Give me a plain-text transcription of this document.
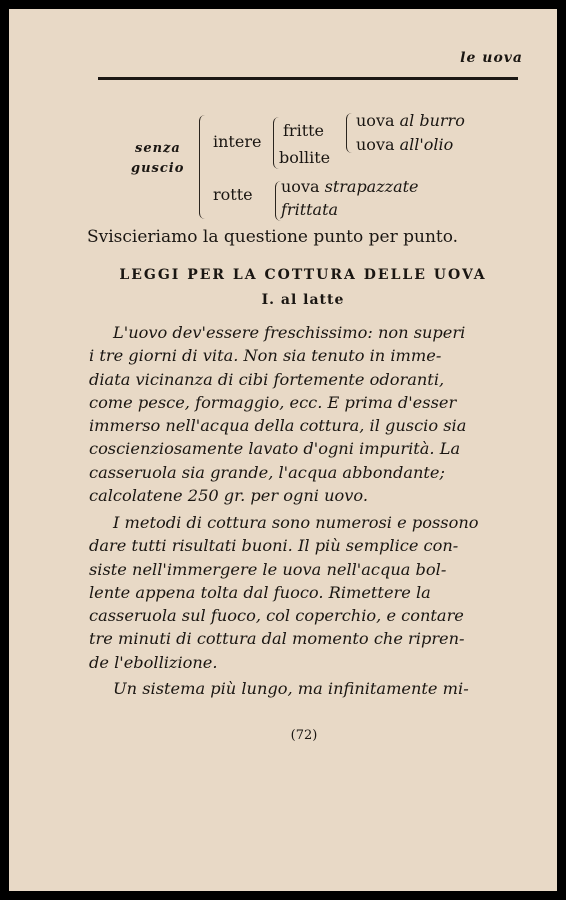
le uova
senza
guscio
intere
rotte
fritte
bollite
uova al burro
uova all'olio
uova strapazzate
frittata
Sviscieriamo la questione punto per punto.
LEGGI PER LA COTTURA DELLE UOVA
I. al latte
L'uovo dev'essere freschissimo: non superi
i tre giorni di vita. Non sia tenuto in imme-
diata vicinanza di cibi fortemente odoranti,
come pesce, formaggio, ecc. E prima d'esser
immerso nell'acqua della cottura, il guscio sia
coscienziosamente lavato d'ogni impurità. La
casseruola sia grande, l'acqua abbondante;
calcolatene 250 gr. per ogni uovo.
I metodi di cottura sono numerosi e possono
dare tutti risultati buoni. Il più semplice con-
siste nell'immergere le uova nell'acqua bol-
lente appena tolta dal fuoco. Rimettere la
casseruola sul fuoco, col coperchio, e contare
tre minuti di cottura dal momento che ripren-
de l'ebollizione.
Un sistema più lungo, ma infinitamente mi-
(72)
